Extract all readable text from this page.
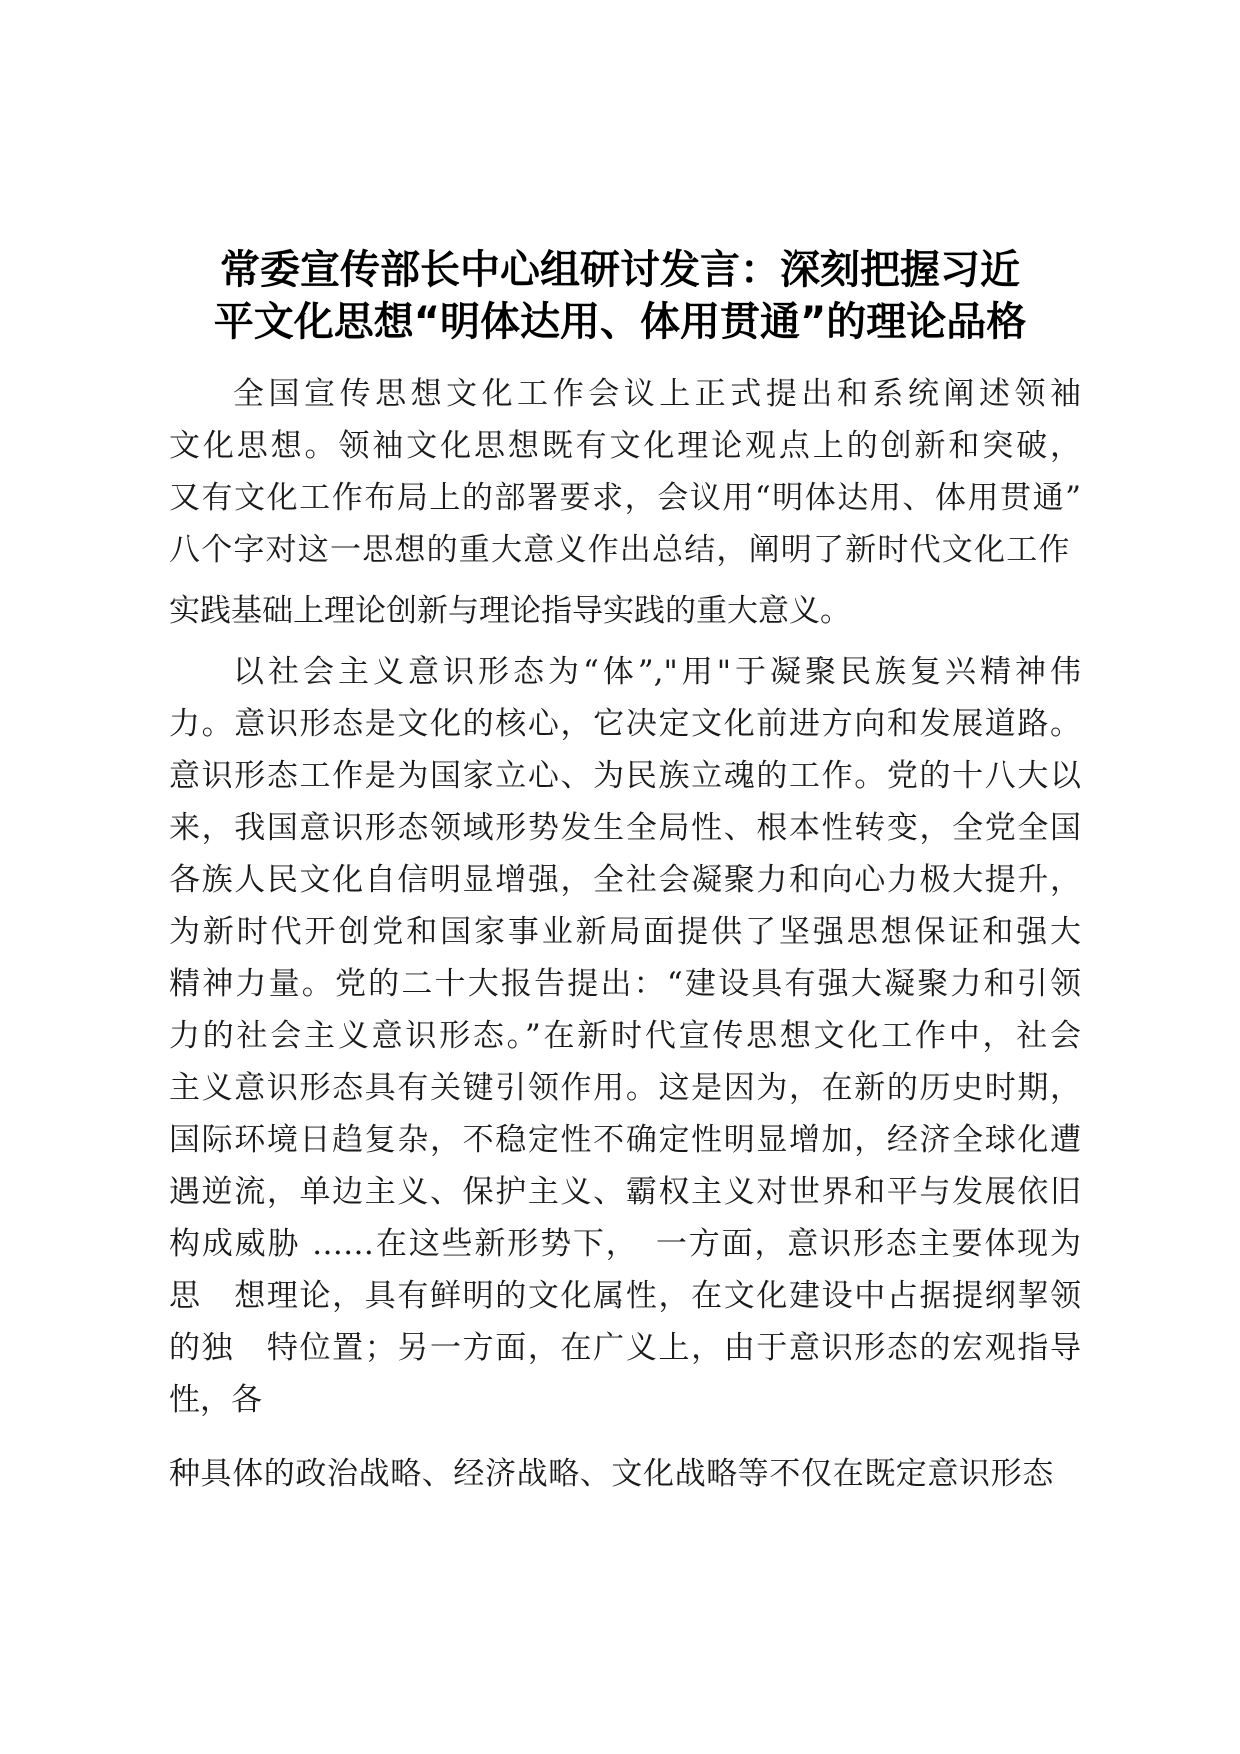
常委宣传部长中心组研讨发言：深刻把握习近
平文化思想“明体达用、体用贯通”的理论品格

全国宣传思想文化工作会议上正式提出和系统阐述领袖

文化思想。领袖文化思想既有文化理论观点上的创新和突破，

又有文化工作布局上的部署要求，会议用“明体达用、体用贯通”

八个字对这一思想的重大意义作出总结，阐明了新时代文化工作

实践基础上理论创新与理论指导实践的重大意义。

以社会主义意识形态为“体”,"用"于凝聚民族复兴精神伟

力。意识形态是文化的核心，它决定文化前进方向和发展道路。

意识形态工作是为国家立心、为民族立魂的工作。党的十八大以

来，我国意识形态领域形势发生全局性、根本性转变，全党全国

各族人民文化自信明显增强，全社会凝聚力和向心力极大提升，

为新时代开创党和国家事业新局面提供了坚强思想保证和强大

精神力量。党的二十大报告提出：“建设具有强大凝聚力和引领

力的社会主义意识形态。”在新时代宣传思想文化工作中，社会

主义意识形态具有关键引领作用。这是因为，在新的历史时期，

国际环境日趋复杂，不稳定性不确定性明显增加，经济全球化遭

遇逆流，单边主义、保护主义、霸权主义对世界和平与发展依旧

构成威胁 ……在这些新形势下，　一方面，意识形态主要体现为

思　想理论，具有鲜明的文化属性，在文化建设中占据提纲挈领

的独　特位置；另一方面，在广义上，由于意识形态的宏观指导

性，各

种具体的政治战略、经济战略、文化战略等不仅在既定意识形态
